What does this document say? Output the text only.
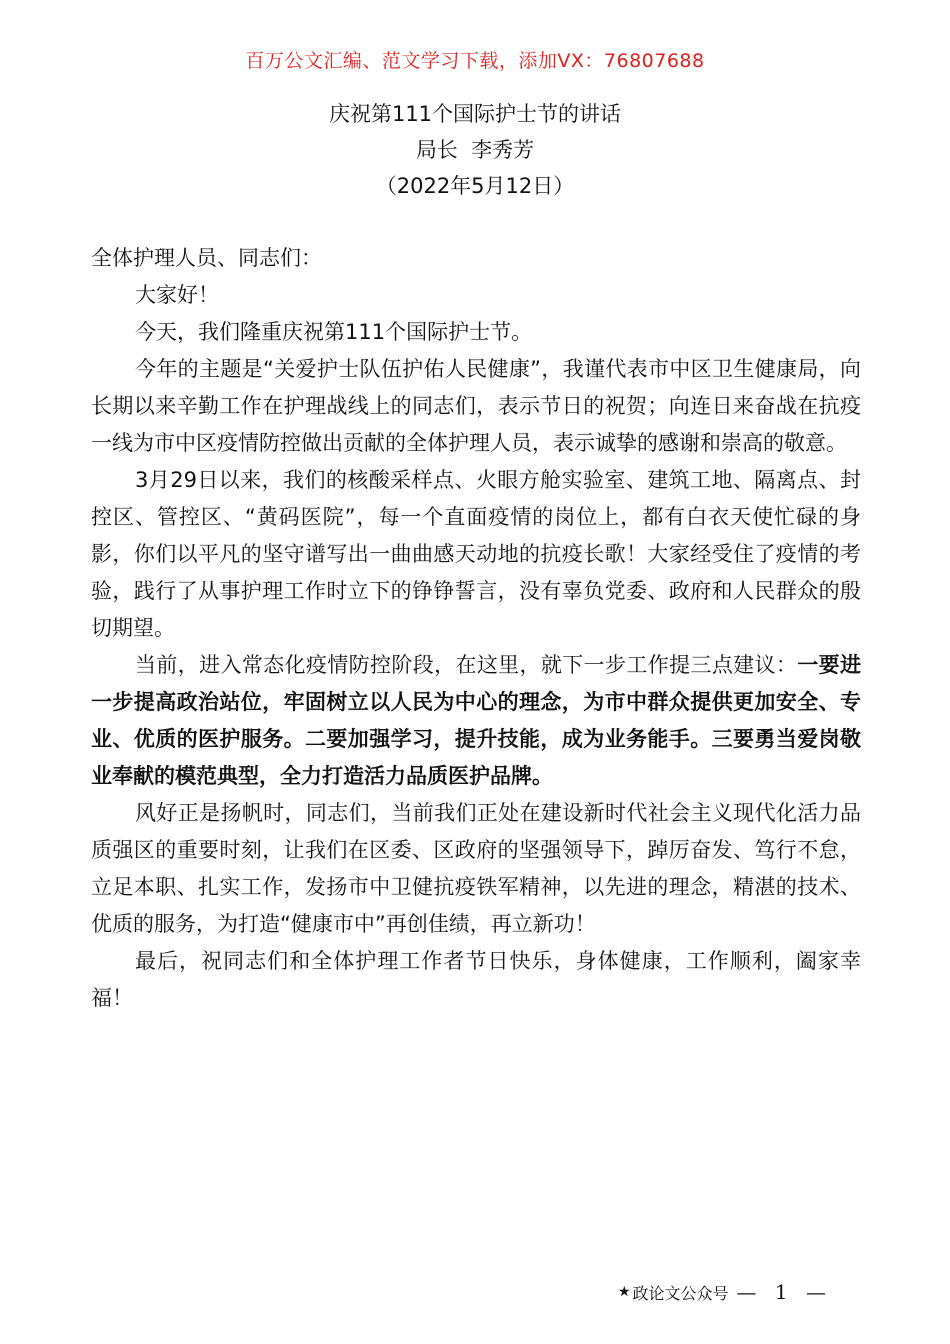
百万公文汇编、范文学习下载，添加VX：76807688
庆祝第111个国际护士节的讲话
局长  李秀芳
（2022年5月12日）

全体护理人员、同志们：

大家好！

今天，我们隆重庆祝第111个国际护士节。

今年的主题是“关爱护士队伍护佑人民健康”，我谨代表市中区卫生健康局，向长期以来辛勤工作在护理战线上的同志们，表示节日的祝贺；向连日来奋战在抗疫一线为市中区疫情防控做出贡献的全体护理人员，表示诚挚的感谢和崇高的敬意。

3月29日以来，我们的核酸采样点、火眼方舱实验室、建筑工地、隔离点、封控区、管控区、“黄码医院”，每一个直面疫情的岗位上，都有白衣天使忙碌的身影，你们以平凡的坚守谱写出一曲曲感天动地的抗疫长歌！大家经受住了疫情的考验，践行了从事护理工作时立下的铮铮誓言，没有辜负党委、政府和人民群众的殷切期望。

当前，进入常态化疫情防控阶段，在这里，就下一步工作提三点建议：一要进一步提高政治站位，牢固树立以人民为中心的理念，为市中群众提供更加安全、专业、优质的医护服务。二要加强学习，提升技能，成为业务能手。三要勇当爱岗敬业奉献的模范典型，全力打造活力品质医护品牌。

风好正是扬帆时，同志们，当前我们正处在建设新时代社会主义现代化活力品质强区的重要时刻，让我们在区委、区政府的坚强领导下，踔厉奋发、笃行不怠，立足本职、扎实工作，发扬市中卫健抗疫铁军精神，以先进的理念，精湛的技术、优质的服务，为打造“健康市中”再创佳绩，再立新功！

最后，祝同志们和全体护理工作者节日快乐，身体健康，工作顺利，阖家幸福！

★ 政论文公众号 — 1 —
